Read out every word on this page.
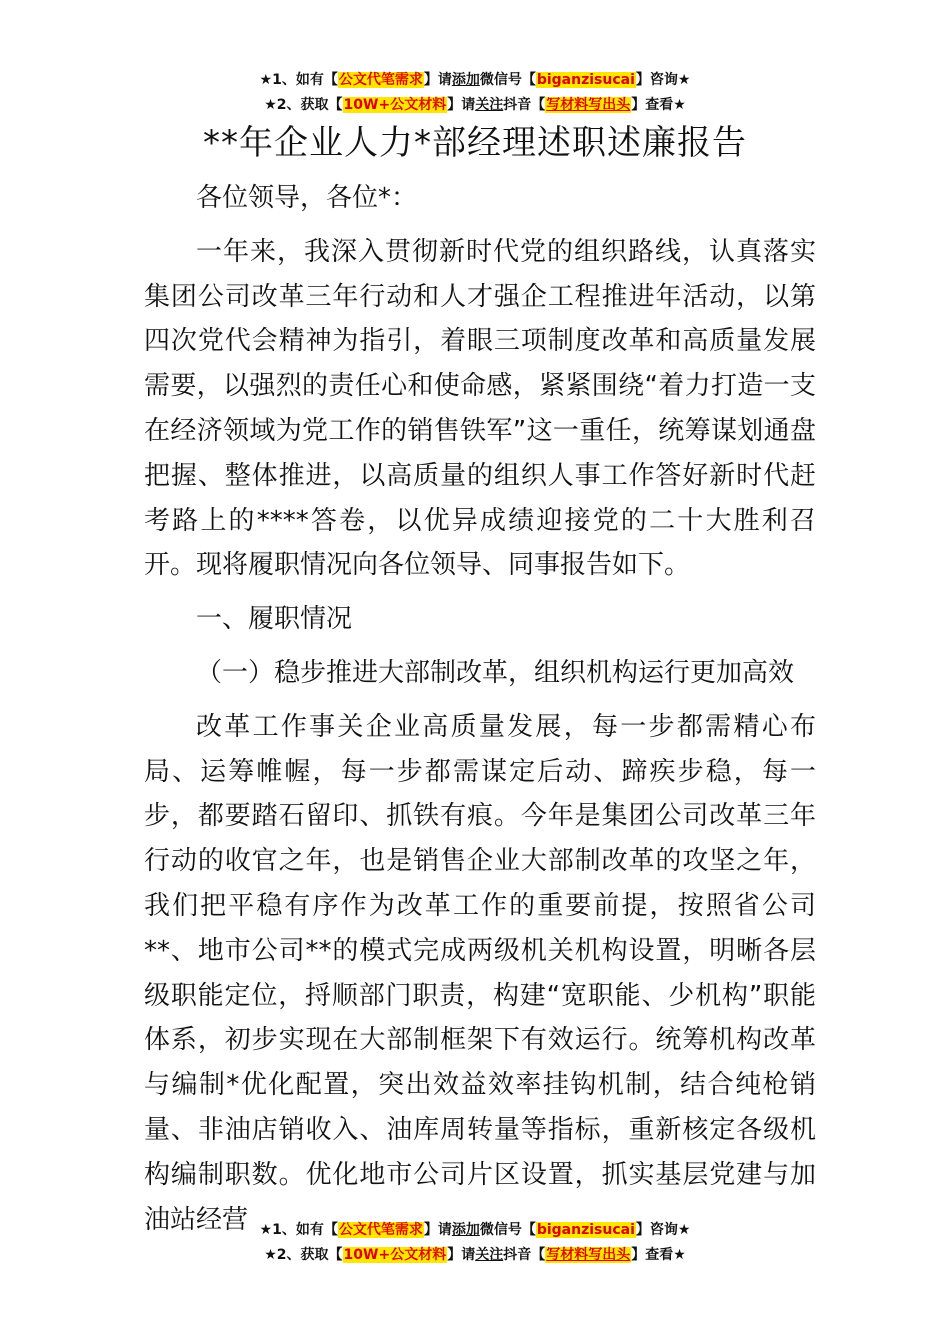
★1、如有【公文代笔需求】请添加微信号【biganzisucai】咨询★
★2、获取【10W+公文材料】请关注抖音【写材料写出头】查看★
**年企业人力*部经理述职述廉报告

各位领导，各位*：

一年来，我深入贯彻新时代党的组织路线，认真落实集团公司改革三年行动和人才强企工程推进年活动，以第四次党代会精神为指引，着眼三项制度改革和高质量发展需要，以强烈的责任心和使命感，紧紧围绕“着力打造一支在经济领域为党工作的销售铁军”这一重任，统筹谋划通盘把握、整体推进，以高质量的组织人事工作答好新时代赶考路上的****答卷，以优异成绩迎接党的二十大胜利召开。现将履职情况向各位领导、同事报告如下。

一、履职情况

（一）稳步推进大部制改革，组织机构运行更加高效

改革工作事关企业高质量发展，每一步都需精心布局、运筹帷幄，每一步都需谋定后动、蹄疾步稳，每一步，都要踏石留印、抓铁有痕。今年是集团公司改革三年行动的收官之年，也是销售企业大部制改革的攻坚之年，我们把平稳有序作为改革工作的重要前提，按照省公司**、地市公司**的模式完成两级机关机构设置，明晰各层级职能定位，捋顺部门职责，构建“宽职能、少机构”职能体系，初步实现在大部制框架下有效运行。统筹机构改革与编制*优化配置，突出效益效率挂钩机制，结合纯枪销量、非油店销收入、油库周转量等指标，重新核定各级机构编制职数。优化地市公司片区设置，抓实基层党建与加油站经营 ★1、如有【公文代笔需求】请添加微信号【biganzisucai】咨询★
★2、获取【10W+公文材料】请关注抖音【写材料写出头】查看★
